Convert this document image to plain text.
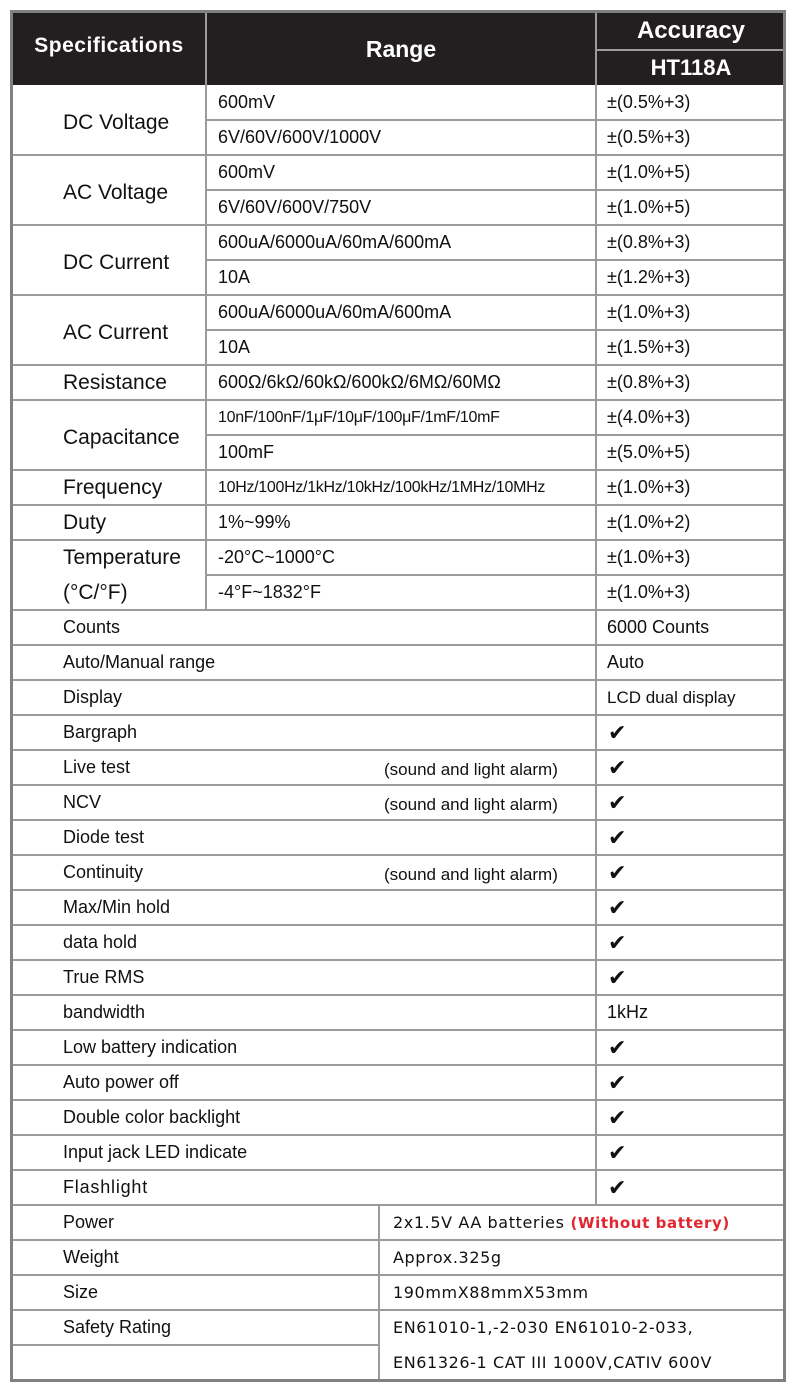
Specifications	Range
Accuracy
HT118A
DC Voltage
600mV	±(0.5%+3)
6V/60V/600V/1000V	±(0.5%+3)
AC Voltage
600mV	±(1.0%+5)
6V/60V/600V/750V	±(1.0%+5)
DC Current
600uA/6000uA/60mA/600mA	±(0.8%+3)
10A	±(1.2%+3)
AC Current
600uA/6000uA/60mA/600mA	±(1.0%+3)
10A	±(1.5%+3)
Resistance	600Ω/6kΩ/60kΩ/600kΩ/6MΩ/60MΩ	±(0.8%+3)
Capacitance
10nF/100nF/1μF/10μF/100μF/1mF/10mF	±(4.0%+3)
100mF	±(5.0%+5)
Frequency	10Hz/100Hz/1kHz/10kHz/100kHz/1MHz/10MHz	±(1.0%+3)
Duty	1%~99%	±(1.0%+2)
Temperature
(°C/°F)
-20°C~1000°C	±(1.0%+3)
-4°F~1832°F	±(1.0%+3)
Counts	6000 Counts
Auto/Manual range	Auto
Display	LCD dual display
Bargraph	✔
Live test	(sound and light alarm) ✔
NCV	(sound and light alarm) ✔
Diode test	✔
Continuity	(sound and light alarm) ✔
Max/Min hold	✔
data hold	✔
True RMS	✔
bandwidth	1kHz
Low battery indication	✔
Auto power off	✔
Double color backlight	✔
Input jack LED indicate	✔
Flashlight	✔
Power	2x1.5V AA batteries (Without battery)
Weight	Approx.325g
Size	190mmX88mmX53mm
Safety Rating	EN61010-1,-2-030 EN61010-2-033,
EN61326-1 CAT III 1000V,CATIV 600V
